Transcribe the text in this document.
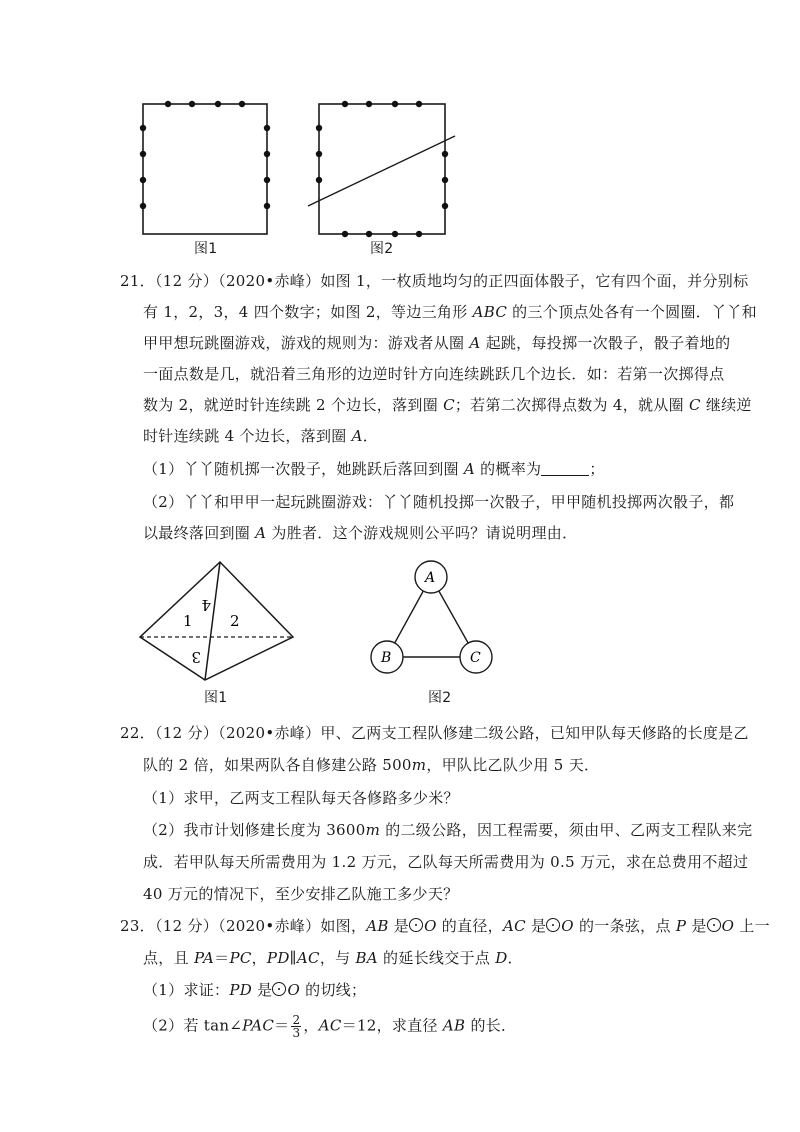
图1	图2
21．（12 分）（2020•赤峰）如图 1，一枚质地均匀的正四面体骰子，它有四个面，并分别标
有 1，2，3，4 四个数字；如图 2，等边三角形 ABC 的三个顶点处各有一个圆圈．丫丫和
甲甲想玩跳圈游戏，游戏的规则为：游戏者从圈 A 起跳，每投掷一次骰子，骰子着地的
一面点数是几，就沿着三角形的边逆时针方向连续跳跃几个边长．如：若第一次掷得点
数为 2，就逆时针连续跳 2 个边长，落到圈 C；若第二次掷得点数为 4，就从圈 C 继续逆
时针连续跳 4 个边长，落到圈 A．
（1）丫丫随机掷一次骰子，她跳跃后落回到圈 A 的概率为	；
（2）丫丫和甲甲一起玩跳圈游戏：丫丫随机投掷一次骰子，甲甲随机投掷两次骰子，都
以最终落回到圈 A 为胜者．这个游戏规则公平吗？请说明理由．
1 2
3
4
图1
A
B	C
图2
22．（12 分）（2020•赤峰）甲、乙两支工程队修建二级公路，已知甲队每天修路的长度是乙
队的 2 倍，如果两队各自修建公路 500m，甲队比乙队少用 5 天．
（1）求甲，乙两支工程队每天各修路多少米？
（2）我市计划修建长度为 3600m 的二级公路，因工程需要，须由甲、乙两支工程队来完
成．若甲队每天所需费用为 1.2 万元，乙队每天所需费用为 0.5 万元，求在总费用不超过
40 万元的情况下，至少安排乙队施工多少天？
23．（12 分）（2020•赤峰）如图，AB 是 O 的直径，AC 是 O 的一条弦，点 P 是 O 上一
点，且 PA＝PC，PD∥AC，与 BA 的延长线交于点 D．
（1）求证：PD 是 O 的切线；
（2）若 tan∠PAC＝ $\frac{2}{3}$ ，AC＝12，求直径 AB 的长．
